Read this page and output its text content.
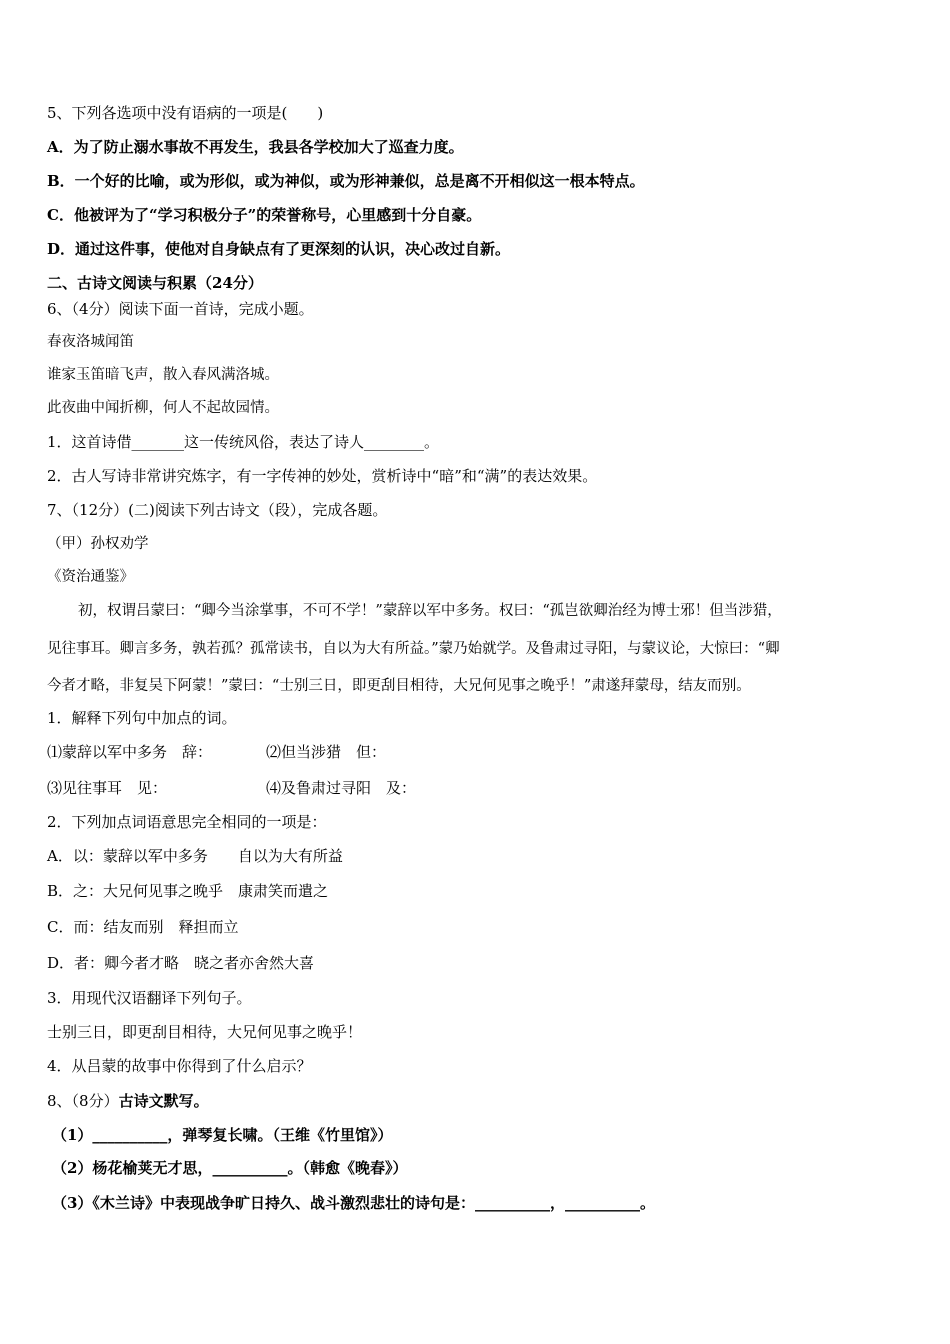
5、下列各选项中没有语病的一项是(　　)
A．为了防止溺水事故不再发生，我县各学校加大了巡查力度。
B．一个好的比喻，或为形似，或为神似，或为形神兼似，总是离不开相似这一根本特点。
C．他被评为了“学习积极分子”的荣誉称号，心里感到十分自豪。
D．通过这件事，使他对自身缺点有了更深刻的认识，决心改过自新。
二、古诗文阅读与积累（24分）
6、（4分）阅读下面一首诗，完成小题。
春夜洛城闻笛
谁家玉笛暗飞声，散入春风满洛城。
此夜曲中闻折柳，何人不起故园情。
1．这首诗借_______这一传统风俗，表达了诗人________。
2．古人写诗非常讲究炼字，有一字传神的妙处，赏析诗中“暗”和“满”的表达效果。
7、（12分）(二)阅读下列古诗文（段），完成各题。
（甲）孙权劝学
《资治通鉴》
初，权谓吕蒙曰：“卿今当涂掌事，不可不学！”蒙辞以军中多务。权曰：“孤岂欲卿治经为博士邪！但当涉猎，
见往事耳。卿言多务，孰若孤？孤常读书，自以为大有所益。”蒙乃始就学。及鲁肃过寻阳，与蒙议论，大惊曰：“卿
今者才略，非复吴下阿蒙！”蒙曰：“士别三日，即更刮目相待，大兄何见事之晚乎！”肃遂拜蒙母，结友而别。
1．解释下列句中加点的词。
⑴蒙辞以军中多务　辞：	⑵但当涉猎　但：
⑶见往事耳　见：	⑷及鲁肃过寻阳　及：
2．下列加点词语意思完全相同的一项是：
A．以：蒙辞以军中多务　　自以为大有所益
B．之：大兄何见事之晚乎　康肃笑而遣之
C．而：结友而别　释担而立
D．者：卿今者才略　晓之者亦舍然大喜
3．用现代汉语翻译下列句子。
士别三日，即更刮目相待，大兄何见事之晚乎！
4．从吕蒙的故事中你得到了什么启示？
8、（8分）古诗文默写。
（1）__________，弹琴复长啸。（王维《竹里馆》）
（2）杨花榆荚无才思，__________。（韩愈《晚春》）
（3）《木兰诗》中表现战争旷日持久、战斗激烈悲壮的诗句是：__________，__________。
